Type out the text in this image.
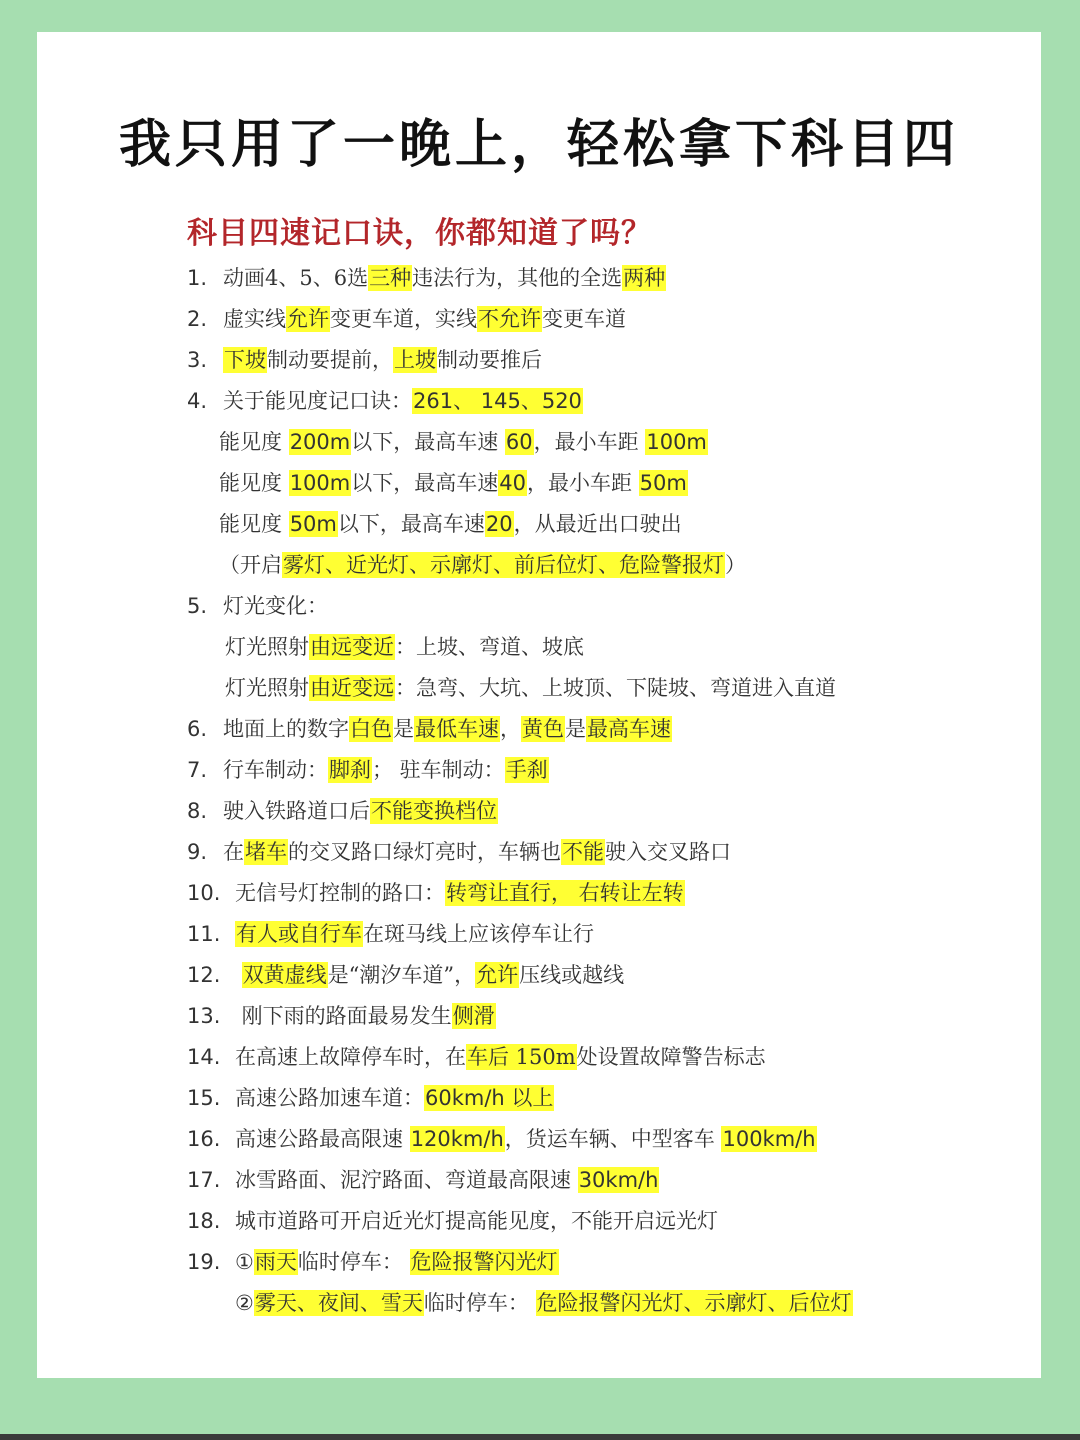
我只用了一晚上，轻松拿下科目四
科目四速记口诀，你都知道了吗？
1. 动画4、5、6选三种违法行为，其他的全选两种
2. 虚实线允许变更车道，实线不允许变更车道
3. 下坡制动要提前，上坡制动要推后
4. 关于能见度记口诀：261、 145、520
能见度 200m以下，最高车速 60，最小车距 100m
能见度 100m以下，最高车速40，最小车距 50m
能见度 50m以下，最高车速20，从最近出口驶出
（开启雾灯、近光灯、示廓灯、前后位灯、危险警报灯）
5. 灯光变化：
灯光照射由远变近：上坡、弯道、坡底
灯光照射由近变远：急弯、大坑、上坡顶、下陡坡、弯道进入直道
6. 地面上的数字白色是最低车速，黄色是最高车速
7. 行车制动：脚刹； 驻车制动：手刹
8. 驶入铁路道口后不能变换档位
9. 在堵车的交叉路口绿灯亮时，车辆也不能驶入交叉路口
10. 无信号灯控制的路口：转弯让直行， 右转让左转
11. 有人或自行车在斑马线上应该停车让行
12. 双黄虚线是“潮汐车道”，允许压线或越线
13. 刚下雨的路面最易发生侧滑
14. 在高速上故障停车时，在车后 150m处设置故障警告标志
15. 高速公路加速车道：60km/h 以上
16. 高速公路最高限速 120km/h，货运车辆、中型客车 100km/h
17. 冰雪路面、泥泞路面、弯道最高限速 30km/h
18. 城市道路可开启近光灯提高能见度，不能开启远光灯
19. ①雨天临时停车： 危险报警闪光灯
②雾天、夜间、雪天临时停车： 危险报警闪光灯、示廓灯、后位灯
